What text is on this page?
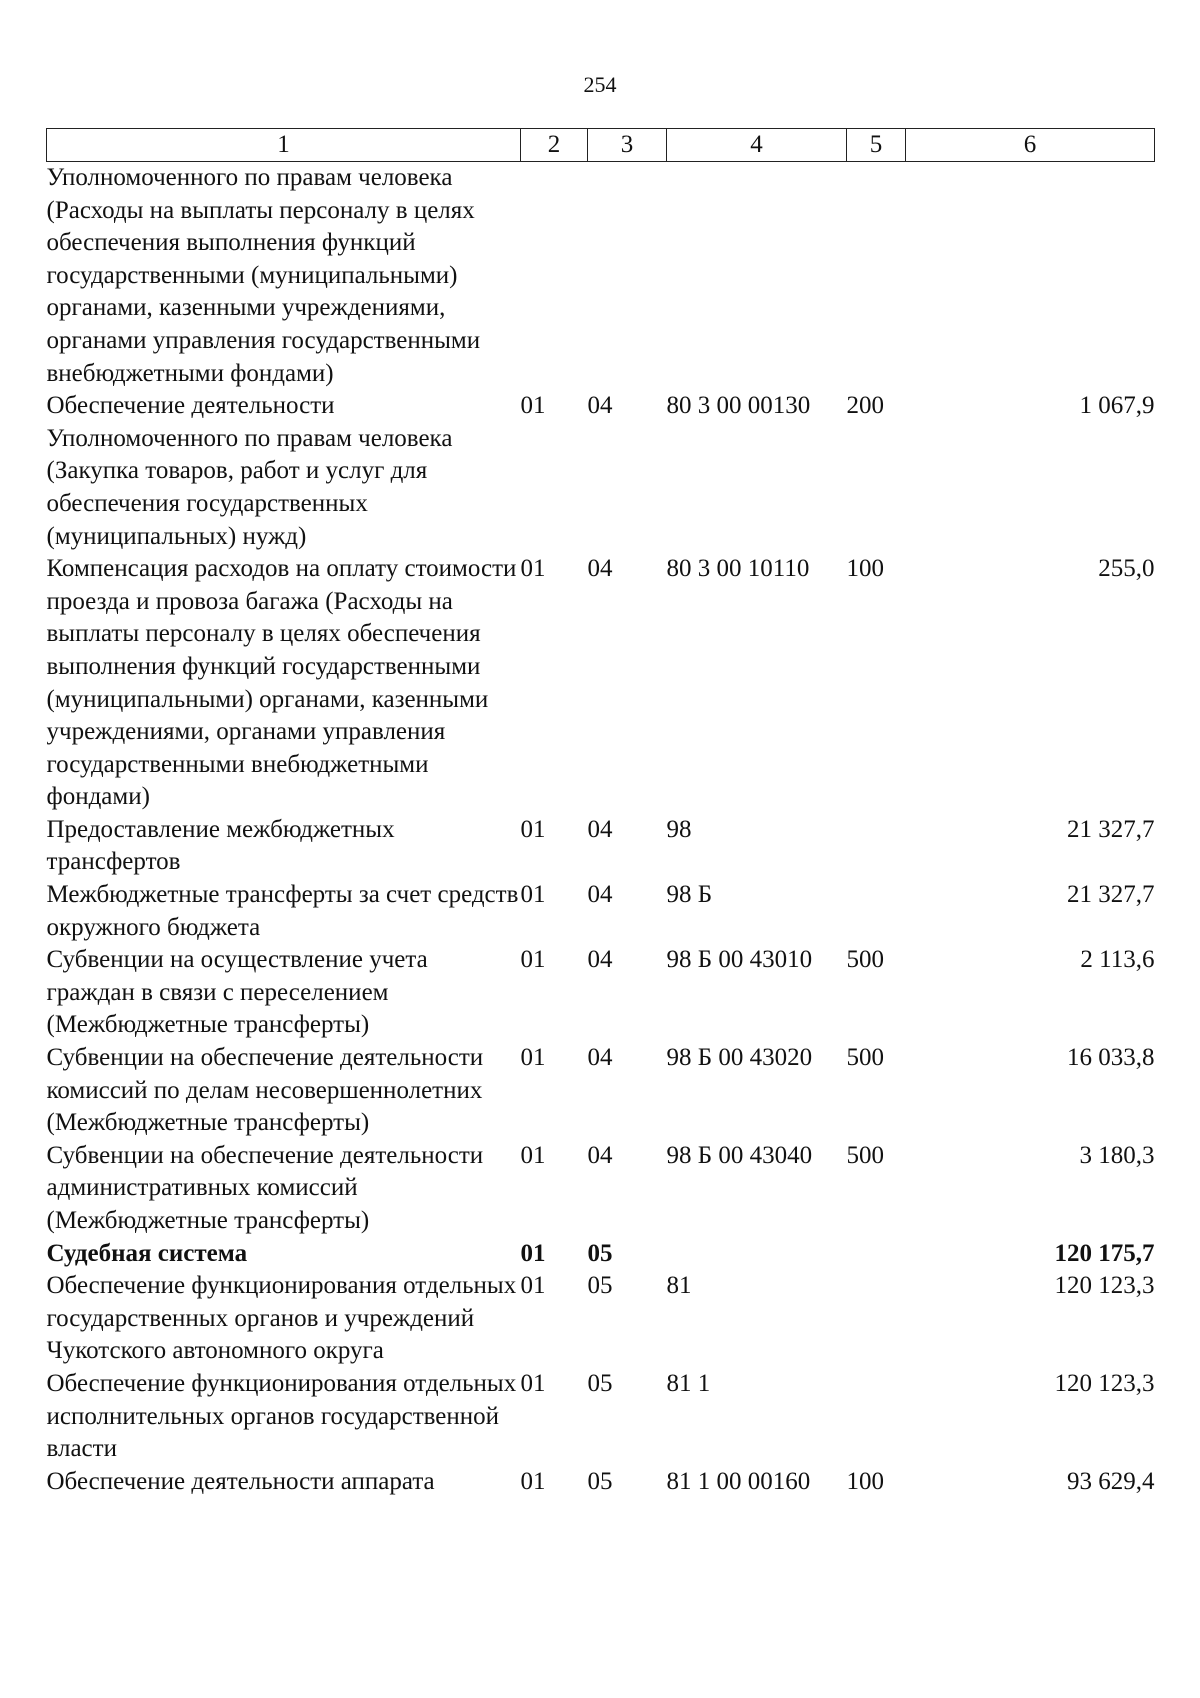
254
1	2	3	4	5	6
Уполномоченного по правам человека (Расходы на выплаты персоналу в целях обеспечения выполнения функций государственными (муниципальными) органами, казенными учреждениями, органами управления государственными внебюджетными фондами)					
Обеспечение деятельности Уполномоченного по правам человека (Закупка товаров, работ и услуг для обеспечения государственных (муниципальных) нужд)	01	04	80 3 00 00130	200	1 067,9
Компенсация расходов на оплату стоимости проезда и провоза багажа (Расходы на выплаты персоналу в целях обеспечения выполнения функций государственными (муниципальными) органами, казенными учреждениями, органами управления государственными внебюджетными фондами)	01	04	80 3 00 10110	100	255,0
Предоставление межбюджетных трансфертов	01	04	98		21 327,7
Межбюджетные трансферты за счет средств окружного бюджета	01	04	98 Б		21 327,7
Субвенции на осуществление учета граждан в связи с переселением (Межбюджетные трансферты)	01	04	98 Б 00 43010	500	2 113,6
Субвенции на обеспечение деятельности комиссий по делам несовершеннолетних (Межбюджетные трансферты)	01	04	98 Б 00 43020	500	16 033,8
Субвенции на обеспечение деятельности административных комиссий (Межбюджетные трансферты)	01	04	98 Б 00 43040	500	3 180,3
Судебная система	01	05			120 175,7
Обеспечение функционирования отдельных государственных органов и учреждений Чукотского автономного округа	01	05	81		120 123,3
Обеспечение функционирования отдельных исполнительных органов государственной власти	01	05	81 1		120 123,3
Обеспечение деятельности аппарата	01	05	81 1 00 00160	100	93 629,4
